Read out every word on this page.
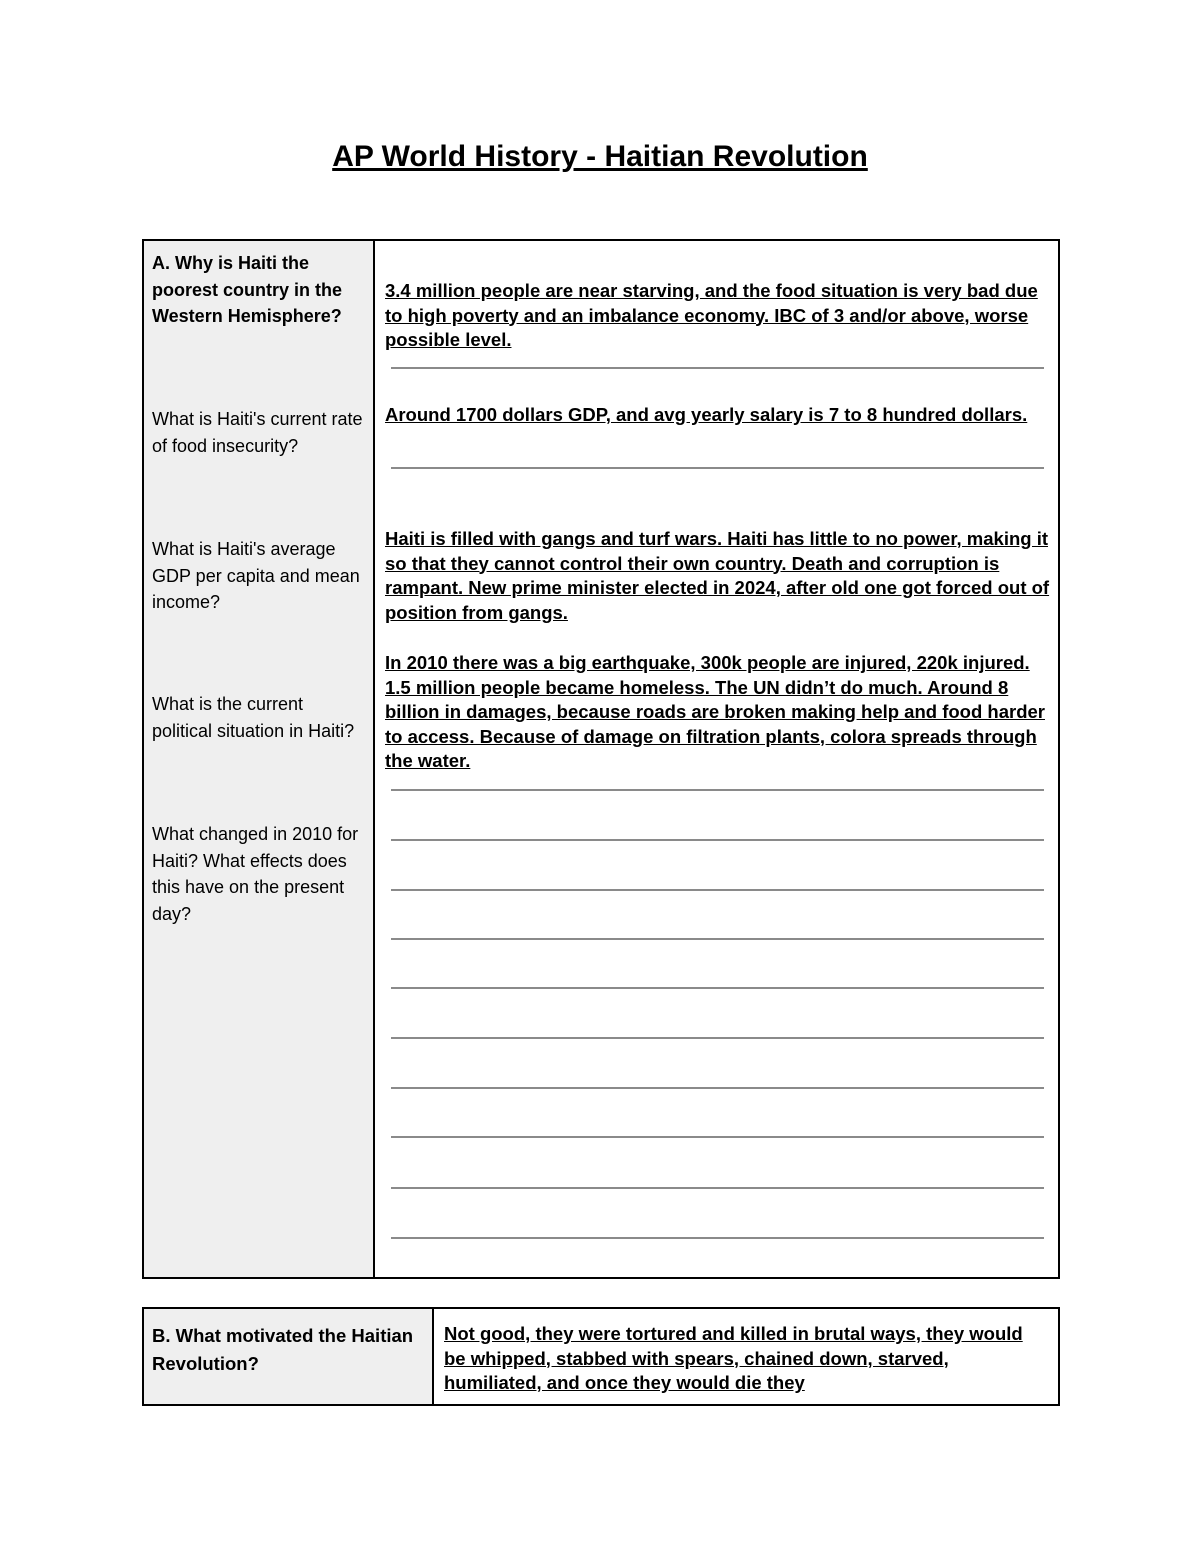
AP World History - Haitian Revolution
A. Why is Haiti the poorest country in the Western Hemisphere?
What is Haiti's current rate of food insecurity?
What is Haiti's average GDP per capita and mean income?
What is the current political situation in Haiti?
What changed in 2010 for Haiti? What effects does this have on the present day?
3.4 million people are near starving, and the food situation is very bad due to high poverty and an imbalance economy. IBC of 3 and/or above, worse possible level.
Around 1700 dollars GDP, and avg yearly salary is 7 to 8 hundred dollars.
Haiti is filled with gangs and turf wars. Haiti has little to no power, making it so that they cannot control their own country. Death and corruption is rampant. New prime minister elected in 2024, after old one got forced out of position from gangs.
In 2010 there was a big earthquake, 300k people are injured, 220k injured. 1.5 million people became homeless. The UN didn’t do much. Around 8 billion in damages, because roads are broken making help and food harder to access. Because of damage on filtration plants, colora spreads through the water.
B. What motivated the Haitian Revolution?
Not good, they were tortured and killed in brutal ways, they would be whipped, stabbed with spears, chained down, starved, humiliated, and once they would die they
